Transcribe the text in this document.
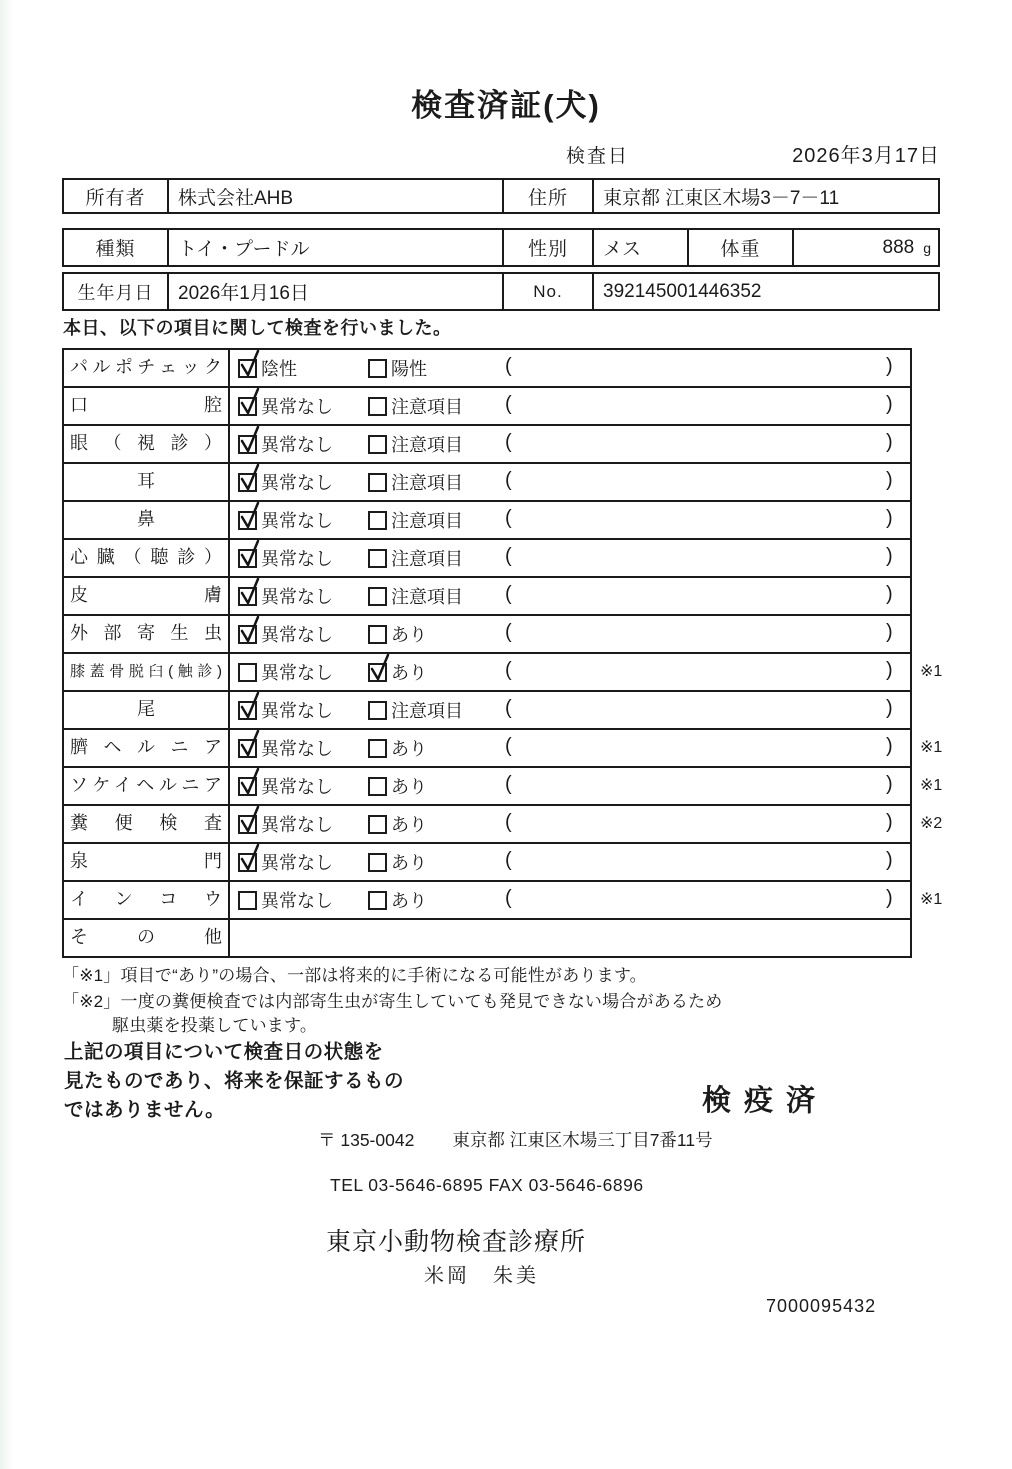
検査済証(犬)
検査日	2026年3月17日
所有者	株式会社AHB	住所	東京都 江東区木場3－7－11
種類	トイ・プードル	性別	メス	体重	888 g
生年月日	2026年1月16日	No.	392145001446352
本日、以下の項目に関して検査を行いました。
パルポチェック	陰性	陽性	(	)
口腔	異常なし	注意項目 (	)
眼（視診）	異常なし	注意項目 (	)
耳	異常なし	注意項目 (	)
鼻	異常なし	注意項目 (	)
心臓（聴診）	異常なし	注意項目 (	)
皮膚	異常なし	注意項目 (	)
外部寄生虫	異常なし	あり	(	)
膝蓋骨脱臼(触診)	異常なし	あり	(	) ※1
尾	異常なし	注意項目 (	)
臍ヘルニア	異常なし	あり	(	) ※1
ソケイヘルニア	異常なし	あり	(	) ※1
糞便検査	異常なし	あり	(	) ※2
泉門	異常なし	あり	(	)
インコウ	異常なし	あり	(	) ※1
その他
「※1」項目で“あり”の場合、一部は将来的に手術になる可能性があります。
「※2」一度の糞便検査では内部寄生虫が寄生していても発見できない場合があるため
駆虫薬を投薬しています。
上記の項目について検査日の状態を
見たものであり、将来を保証するもの
ではありません。	検疫済
〒 135-0042 東京都 江東区木場三丁目7番11号
TEL 03-5646-6895 FAX 03-5646-6896
東京小動物検査診療所
米岡　朱美
7000095432
